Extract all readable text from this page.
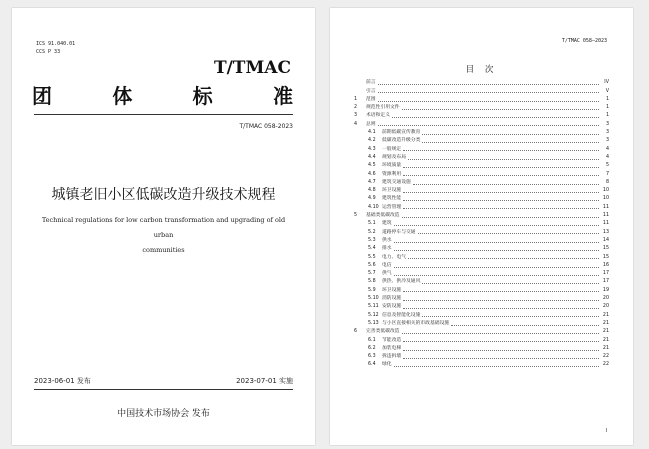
ICS 91.040.01
CCS P 33
T/TMAC
团	体	标	准
T/TMAC 058-2023
城镇老旧小区低碳改造升级技术规程
Technical regulations for low carbon transformation and upgrading of old urban
communities
2023-06-01 发布	2023-07-01 实施
中国技术市场协会 发布
T/TMAC 058—2023
目 次
前言	IV
引言	V
1	范围	1
2	规范性引用文件	1
3	术语和定义	1
4	总则	3
4.1	前期低碳宣传教育	3
4.2	低碳改造升级分类	3
4.3	一般规定	4
4.4	规划及布局	4
4.5	环境质量	5
4.6	资源利用	7
4.7	建筑交通设施	8
4.8	环卫设施	10
4.9	建筑性能	10
4.10 运营管理	11
5	基础类低碳改造	11
5.1	建筑	11
5.2	道路停车与交通	13
5.3	供水	14
5.4	排水	15
5.5	电力、电气	15
5.6	电信	16
5.7	供气	17
5.8	供热、供冷及通风	17
5.9	环卫设施	19
5.10 消防设施	20
5.11 安防设施	20
5.12 信息及智能化设施	21
5.13 与小区直接相关的市政基础设施	21
6	完善类低碳改造	21
6.1	节能改造	21
6.2	加装电梯	21
6.3	拆违拆墙	22
6.4	绿化	22
I
